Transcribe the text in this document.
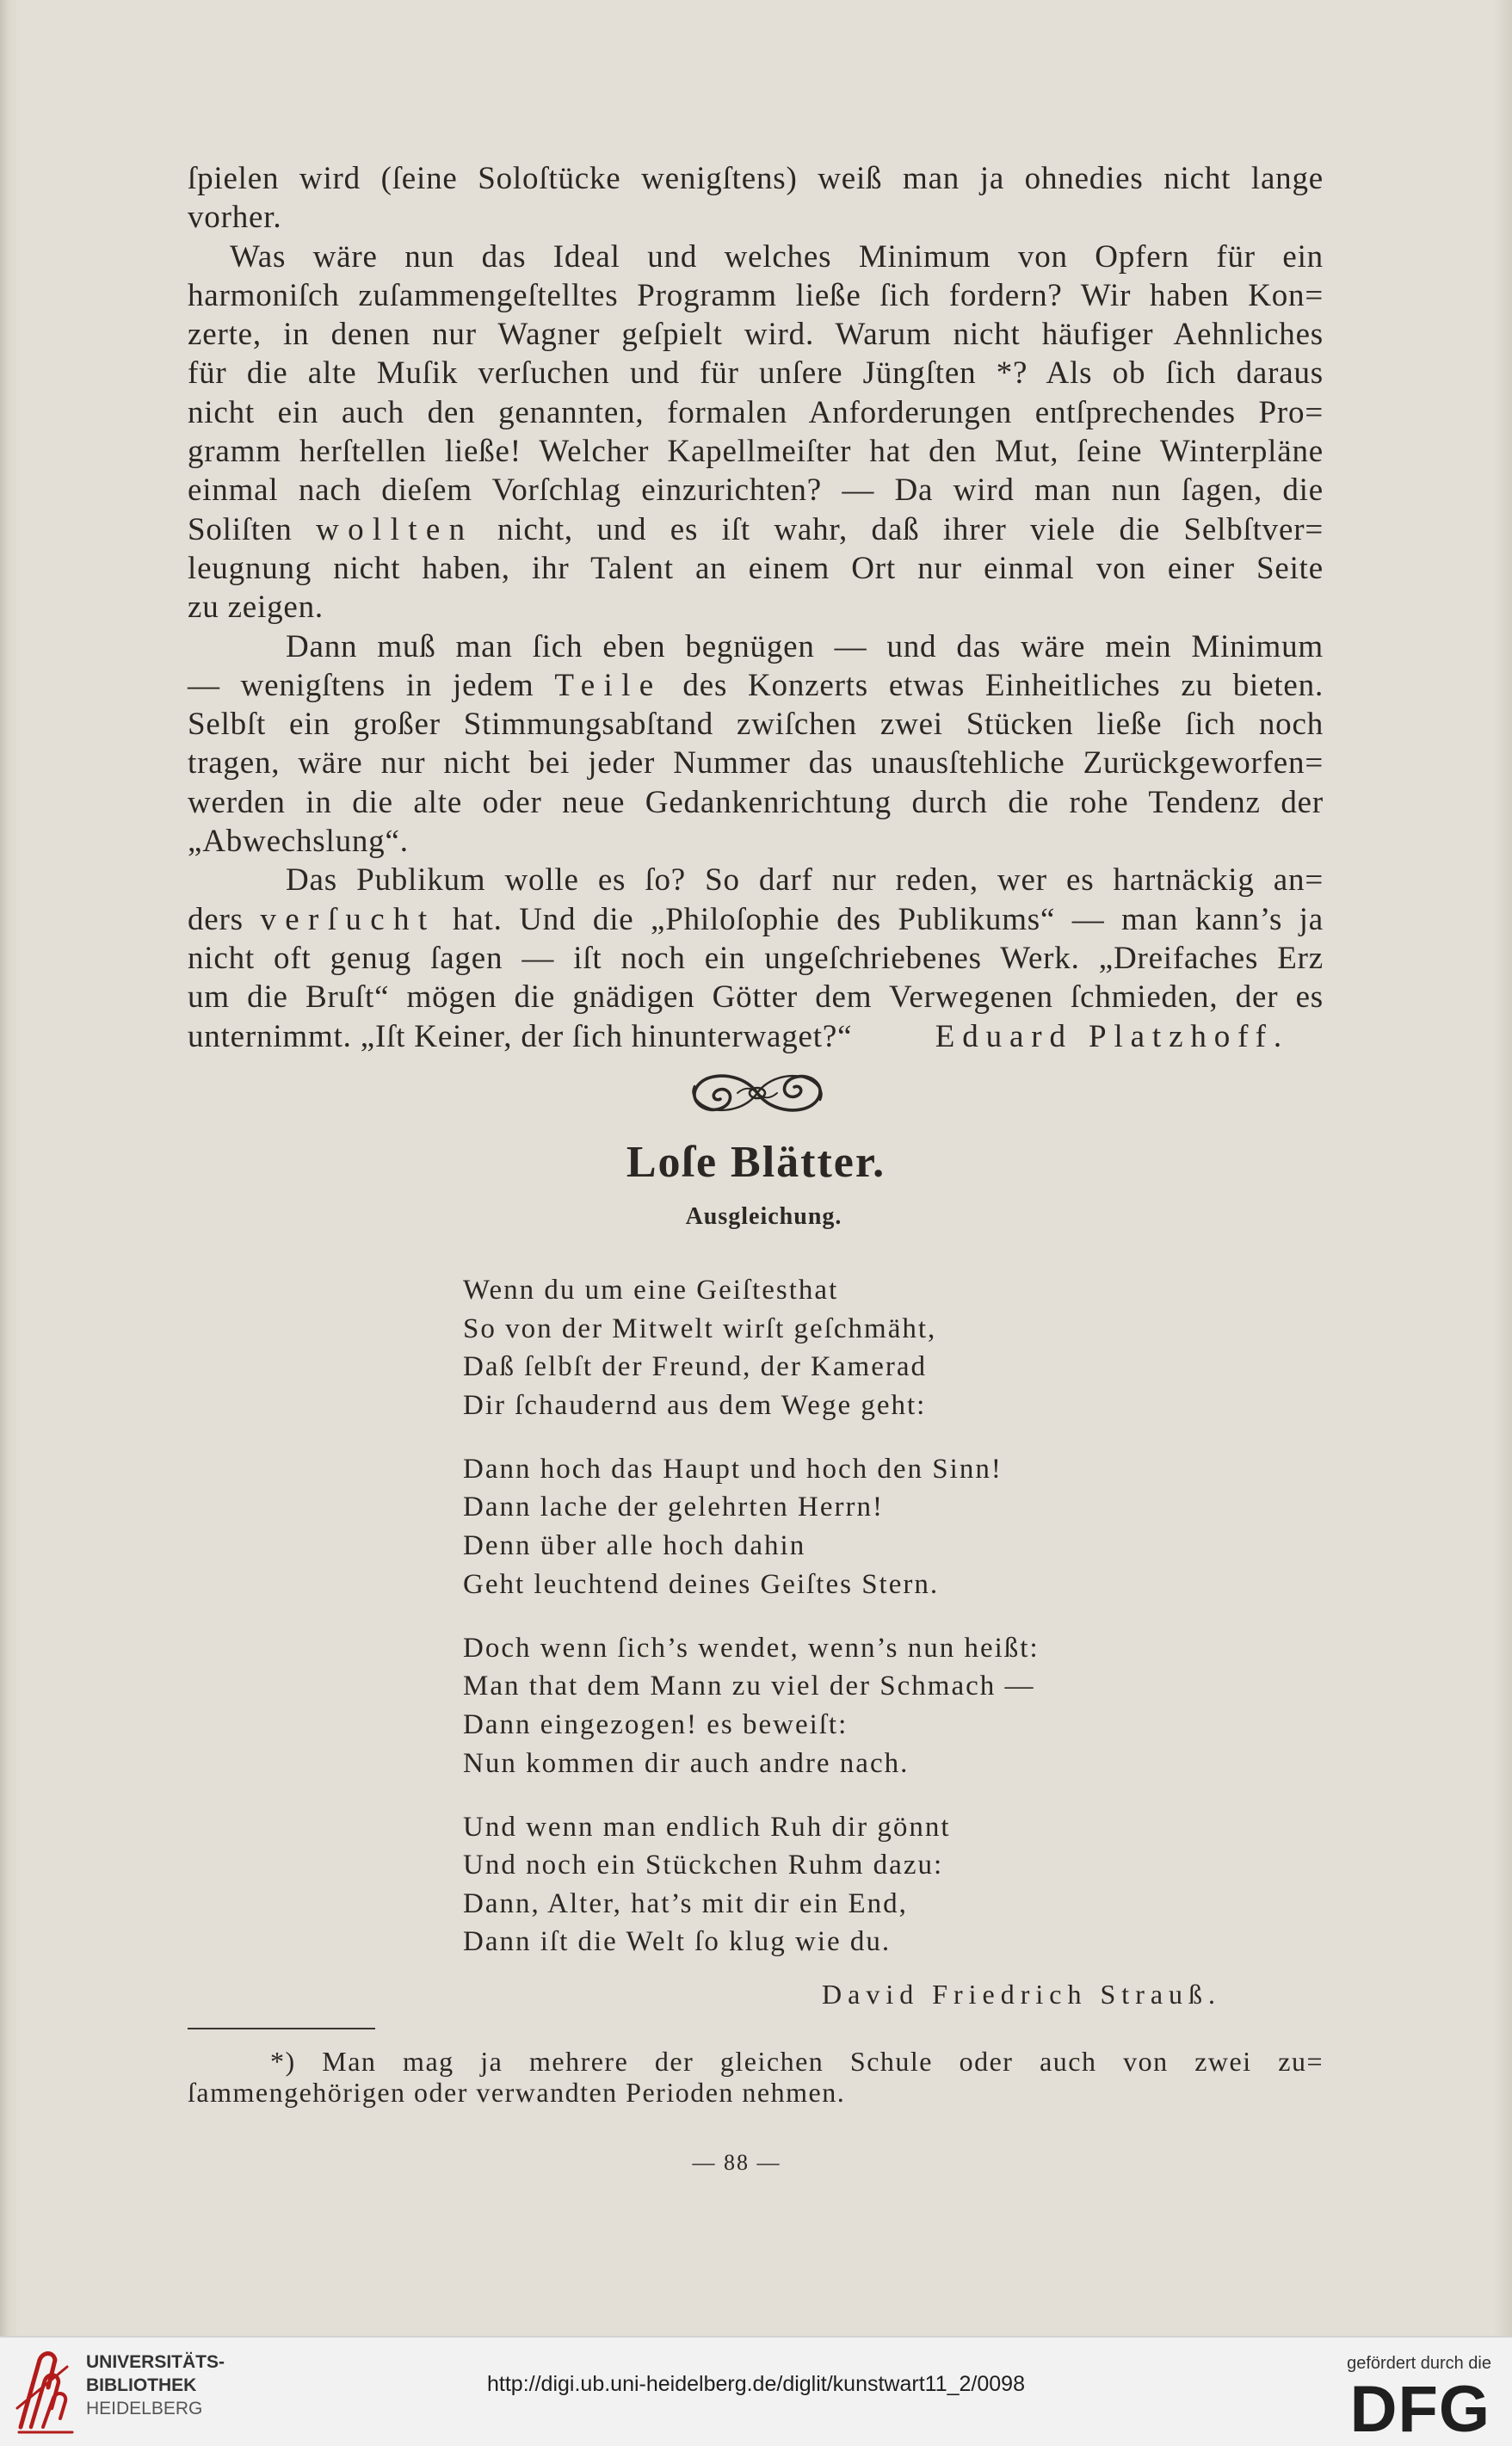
ſpielen wird (ſeine Soloſtücke wenigſtens) weiß man ja ohnedies nicht lange
vorher.
Was wäre nun das Ideal und welches Minimum von Opfern für ein
harmoniſch zuſammengeſtelltes Programm ließe ſich fordern? Wir haben Kon=
zerte, in denen nur Wagner geſpielt wird. Warum nicht häufiger Aehnliches
für die alte Muſik verſuchen und für unſere Jüngſten *? Als ob ſich daraus
nicht ein auch den genannten, formalen Anforderungen entſprechendes Pro=
gramm herſtellen ließe! Welcher Kapellmeiſter hat den Mut, ſeine Winterpläne
einmal nach dieſem Vorſchlag einzurichten? — Da wird man nun ſagen, die
Soliſten wollten nicht, und es iſt wahr, daß ihrer viele die Selbſtver=
leugnung nicht haben, ihr Talent an einem Ort nur einmal von einer Seite
zu zeigen.
Dann muß man ſich eben begnügen — und das wäre mein Minimum
— wenigſtens in jedem Teile des Konzerts etwas Einheitliches zu bieten.
Selbſt ein großer Stimmungsabſtand zwiſchen zwei Stücken ließe ſich noch
tragen, wäre nur nicht bei jeder Nummer das unausſtehliche Zurückgeworfen=
werden in die alte oder neue Gedankenrichtung durch die rohe Tendenz der
„Abwechslung“.
Das Publikum wolle es ſo? So darf nur reden, wer es hartnäckig an=
ders verſucht hat. Und die „Philoſophie des Publikums“ — man kann’s ja
nicht oft genug ſagen — iſt noch ein ungeſchriebenes Werk. „Dreifaches Erz
um die Bruſt“ mögen die gnädigen Götter dem Verwegenen ſchmieden, der es
unternimmt. „Iſt Keiner, der ſich hinunterwaget?“	Eduard Platzhoff.
Loſe Blätter.
Ausgleichung.
Wenn du um eine Geiſtesthat
So von der Mitwelt wirſt geſchmäht,
Daß ſelbſt der Freund, der Kamerad
Dir ſchaudernd aus dem Wege geht:
Dann hoch das Haupt und hoch den Sinn!
Dann lache der gelehrten Herrn!
Denn über alle hoch dahin
Geht leuchtend deines Geiſtes Stern.
Doch wenn ſich’s wendet, wenn’s nun heißt:
Man that dem Mann zu viel der Schmach —
Dann eingezogen! es beweiſt:
Nun kommen dir auch andre nach.
Und wenn man endlich Ruh dir gönnt
Und noch ein Stückchen Ruhm dazu:
Dann, Alter, hat’s mit dir ein End,
Dann iſt die Welt ſo klug wie du.
David Friedrich Strauß.
*) Man mag ja mehrere der gleichen Schule oder auch von zwei zu=
ſammengehörigen oder verwandten Perioden nehmen.
— 88 —
UNIVERSITÄTS-
BIBLIOTHEK
HEIDELBERG
http://digi.ub.uni-heidelberg.de/diglit/kunstwart11_2/0098
gefördert durch die
DFG
